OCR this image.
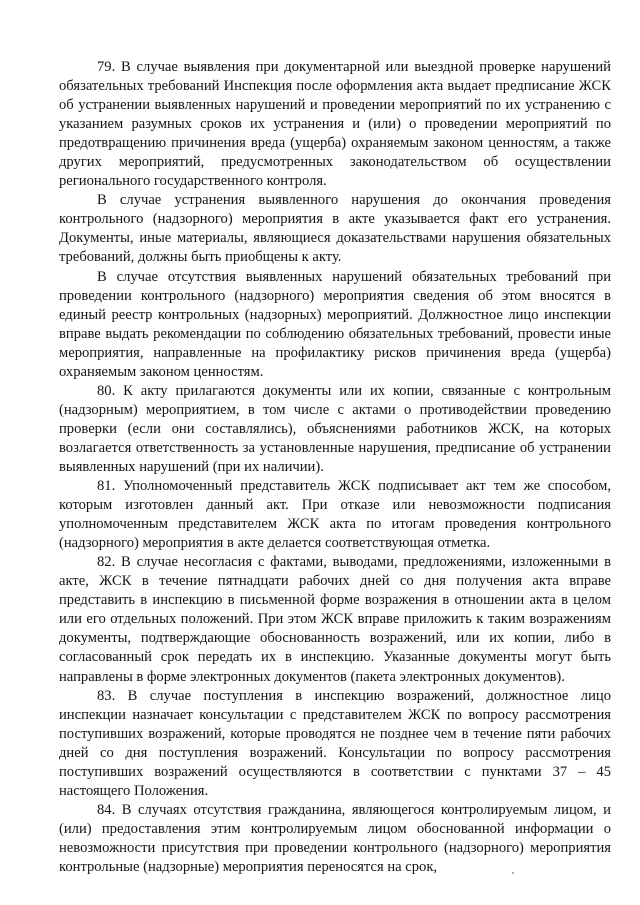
79. В случае выявления при документарной или выездной проверке нарушений обязательных требований Инспекция после оформления акта выдает предписание ЖСК об устранении выявленных нарушений и проведении мероприятий по их устранению с указанием разумных сроков их устранения и (или) о проведении мероприятий по предотвращению причинения вреда (ущерба) охраняемым законом ценностям, а также других мероприятий, предусмотренных законодательством об осуществлении регионального государственного контроля.

В случае устранения выявленного нарушения до окончания проведения контрольного (надзорного) мероприятия в акте указывается факт его устранения. Документы, иные материалы, являющиеся доказательствами нарушения обязательных требований, должны быть приобщены к акту.

В случае отсутствия выявленных нарушений обязательных требований при проведении контрольного (надзорного) мероприятия сведения об этом вносятся в единый реестр контрольных (надзорных) мероприятий. Должностное лицо инспекции вправе выдать рекомендации по соблюдению обязательных требований, провести иные мероприятия, направленные на профилактику рисков причинения вреда (ущерба) охраняемым законом ценностям.

80. К акту прилагаются документы или их копии, связанные с контрольным (надзорным) мероприятием, в том числе с актами о противодействии проведению проверки (если они составлялись), объяснениями работников ЖСК, на которых возлагается ответственность за установленные нарушения, предписание об устранении выявленных нарушений (при их наличии).

81. Уполномоченный представитель ЖСК подписывает акт тем же способом, которым изготовлен данный акт. При отказе или невозможности подписания уполномоченным представителем ЖСК акта по итогам проведения контрольного (надзорного) мероприятия в акте делается соответствующая отметка.

82. В случае несогласия с фактами, выводами, предложениями, изложенными в акте, ЖСК в течение пятнадцати рабочих дней со дня получения акта вправе представить в инспекцию в письменной форме возражения в отношении акта в целом или его отдельных положений. При этом ЖСК вправе приложить к таким возражениям документы, подтверждающие обоснованность возражений, или их копии, либо в согласованный срок передать их в инспекцию. Указанные документы могут быть направлены в форме электронных документов (пакета электронных документов).

83. В случае поступления в инспекцию возражений, должностное лицо инспекции назначает консультации с представителем ЖСК по вопросу рассмотрения поступивших возражений, которые проводятся не позднее чем в течение пяти рабочих дней со дня поступления возражений. Консультации по вопросу рассмотрения поступивших возражений осуществляются в соответствии с пунктами 37 – 45 настоящего Положения.

84. В случаях отсутствия гражданина, являющегося контролируемым лицом, и (или) предоставления этим контролируемым лицом обоснованной информации о невозможности присутствия при проведении контрольного (надзорного) мероприятия контрольные (надзорные) мероприятия переносятся на срок,
